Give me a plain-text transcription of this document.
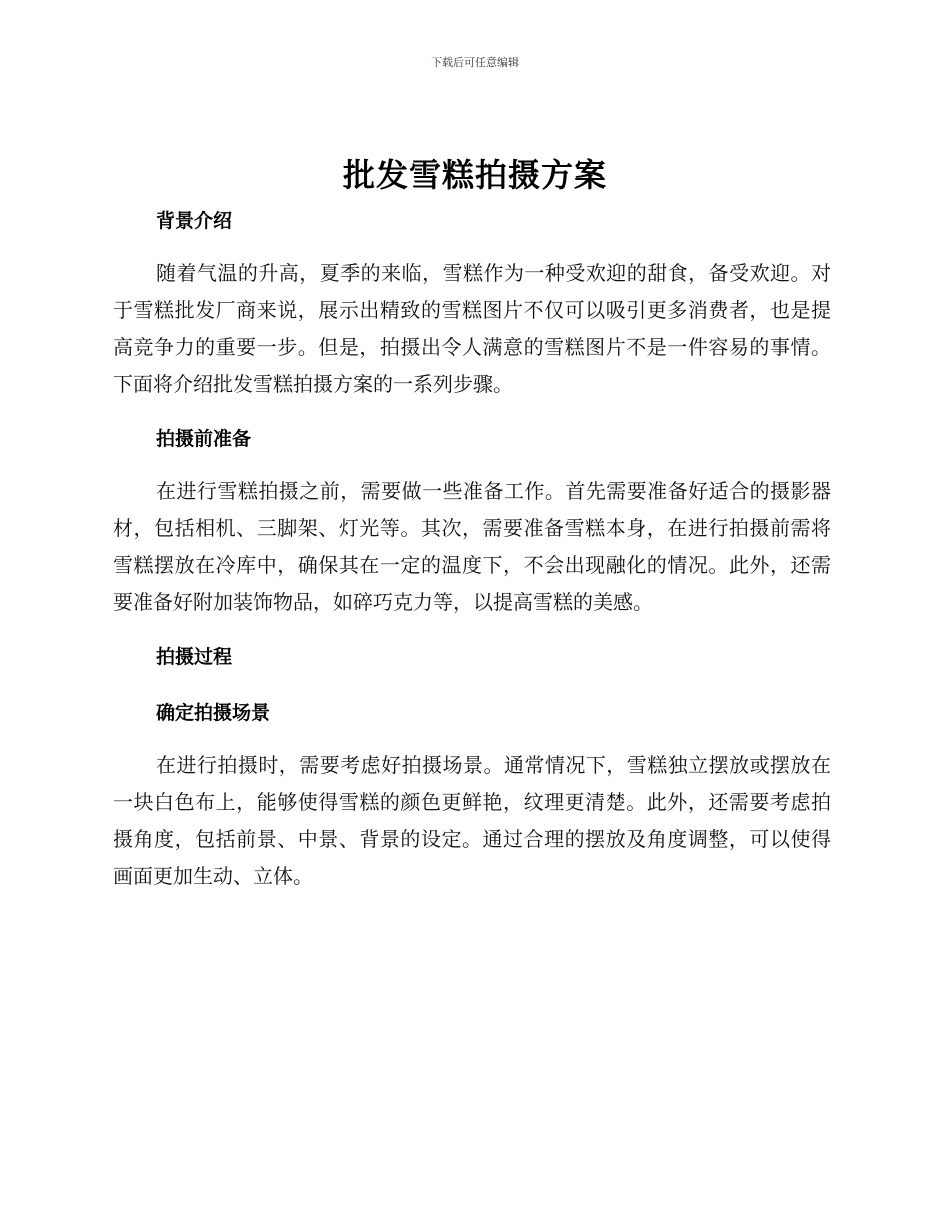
下载后可任意编辑
批发雪糕拍摄方案
背景介绍

随着气温的升高，夏季的来临，雪糕作为一种受欢迎的甜食，备受欢迎。对于雪糕批发厂商来说，展示出精致的雪糕图片不仅可以吸引更多消费者，也是提高竞争力的重要一步。但是，拍摄出令人满意的雪糕图片不是一件容易的事情。下面将介绍批发雪糕拍摄方案的一系列步骤。

拍摄前准备

在进行雪糕拍摄之前，需要做一些准备工作。首先需要准备好适合的摄影器材，包括相机、三脚架、灯光等。其次，需要准备雪糕本身，在进行拍摄前需将雪糕摆放在冷库中，确保其在一定的温度下，不会出现融化的情况。此外，还需要准备好附加装饰物品，如碎巧克力等，以提高雪糕的美感。

拍摄过程
确定拍摄场景

在进行拍摄时，需要考虑好拍摄场景。通常情况下，雪糕独立摆放或摆放在一块白色布上，能够使得雪糕的颜色更鲜艳，纹理更清楚。此外，还需要考虑拍摄角度，包括前景、中景、背景的设定。通过合理的摆放及角度调整，可以使得画面更加生动、立体。
